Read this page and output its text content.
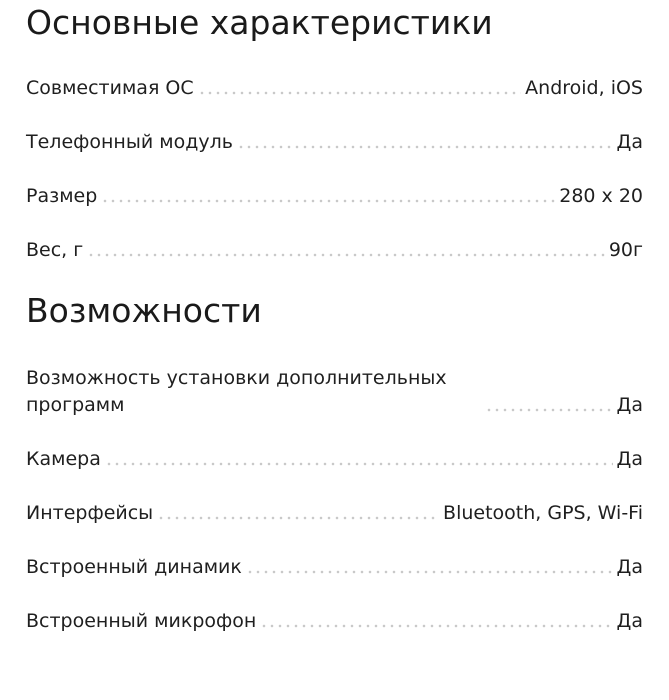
Основные характеристики
Совместимая ОС	Android, iOS
Телефонный модуль	Да
Размер	280 x 20
Вес, г	90г
Возможности
Возможность установки дополнительных программ	Да
Камера	Да
Интерфейсы	Bluetooth, GPS, Wi-Fi
Встроенный динамик	Да
Встроенный микрофон	Да
